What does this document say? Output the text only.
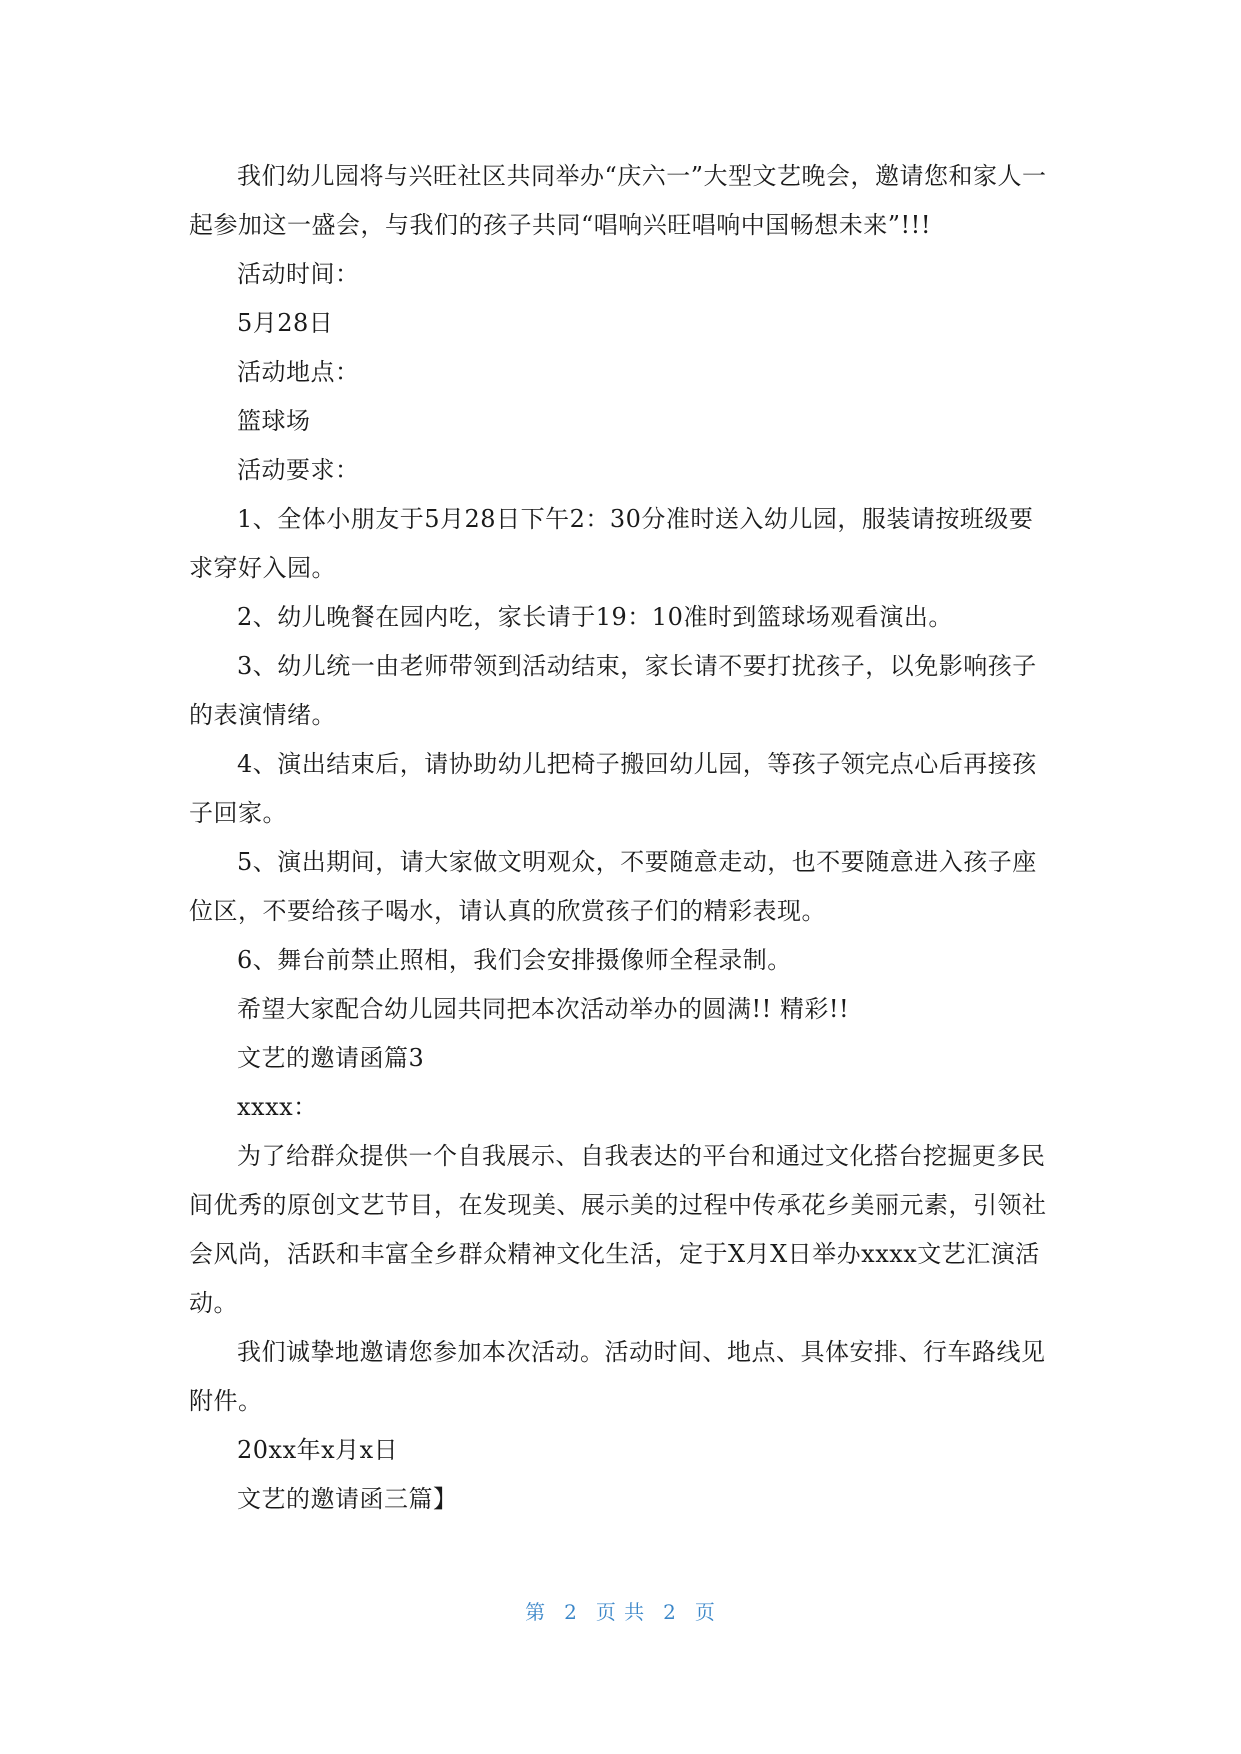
我们幼儿园将与兴旺社区共同举办“庆六一”大型文艺晚会，邀请您和家人一起参加这一盛会，与我们的孩子共同“唱响兴旺唱响中国畅想未来”!!!

活动时间：

5月28日

活动地点：

篮球场

活动要求：

1、全体小朋友于5月28日下午2：30分准时送入幼儿园，服装请按班级要求穿好入园。

2、幼儿晚餐在园内吃，家长请于19：10准时到篮球场观看演出。

3、幼儿统一由老师带领到活动结束，家长请不要打扰孩子，以免影响孩子的表演情绪。

4、演出结束后，请协助幼儿把椅子搬回幼儿园，等孩子领完点心后再接孩子回家。

5、演出期间，请大家做文明观众，不要随意走动，也不要随意进入孩子座位区，不要给孩子喝水，请认真的欣赏孩子们的精彩表现。

6、舞台前禁止照相，我们会安排摄像师全程录制。

希望大家配合幼儿园共同把本次活动举办的圆满!! 精彩!!

文艺的邀请函篇3

xxxx：

为了给群众提供一个自我展示、自我表达的平台和通过文化搭台挖掘更多民间优秀的原创文艺节目，在发现美、展示美的过程中传承花乡美丽元素，引领社会风尚，活跃和丰富全乡群众精神文化生活，定于X月X日举办xxxx文艺汇演活动。

我们诚挚地邀请您参加本次活动。活动时间、地点、具体安排、行车路线见附件。

20xx年x月x日

文艺的邀请函三篇】

第 2 页 共 2 页
